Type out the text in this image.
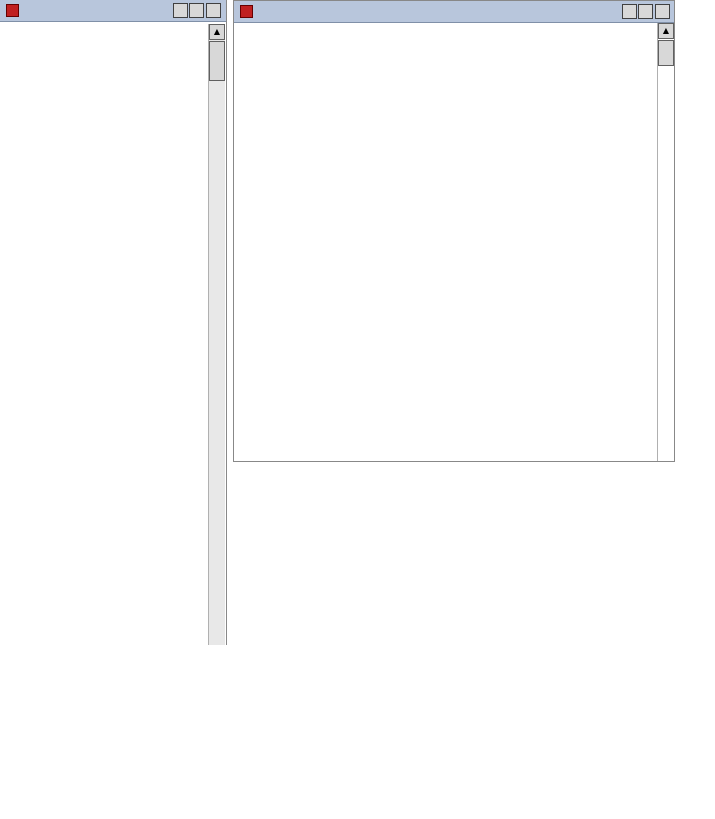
▲	▲
